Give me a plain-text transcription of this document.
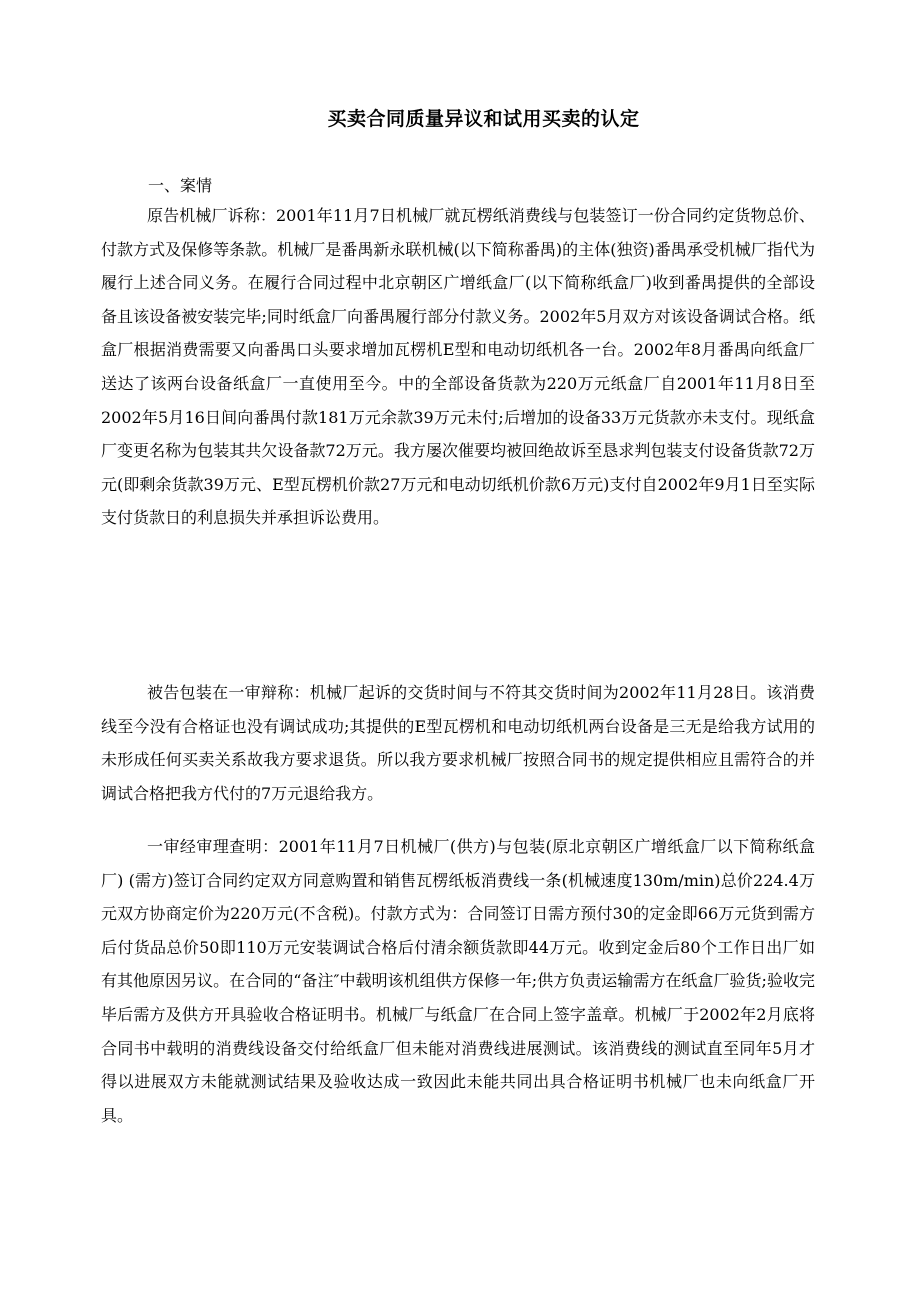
买卖合同质量异议和试用买卖的认定

一、案情

原告机械厂诉称：2001年11月7日机械厂就瓦楞纸消费线与包装签订一份合同约定货物总价、付款方式及保修等条款。机械厂是番禺新永联机械(以下简称番禺)的主体(独资)番禺承受机械厂指代为履行上述合同义务。在履行合同过程中北京朝区广增纸盒厂(以下简称纸盒厂)收到番禺提供的全部设备且该设备被安装完毕;同时纸盒厂向番禺履行部分付款义务。2002年5月双方对该设备调试合格。纸盒厂根据消费需要又向番禺口头要求增加瓦楞机E型和电动切纸机各一台。2002年8月番禺向纸盒厂送达了该两台设备纸盒厂一直使用至今。中的全部设备货款为220万元纸盒厂自2001年11月8日至2002年5月16日间向番禺付款181万元余款39万元未付;后增加的设备33万元货款亦未支付。现纸盒厂变更名称为包装其共欠设备款72万元。我方屡次催要均被回绝故诉至恳求判包装支付设备货款72万元(即剩余货款39万元、E型瓦楞机价款27万元和电动切纸机价款6万元)支付自2002年9月1日至实际支付货款日的利息损失并承担诉讼费用。

被告包装在一审辩称：机械厂起诉的交货时间与不符其交货时间为2002年11月28日。该消费线至今没有合格证也没有调试成功;其提供的E型瓦楞机和电动切纸机两台设备是三无是给我方试用的未形成任何买卖关系故我方要求退货。所以我方要求机械厂按照合同书的规定提供相应且需符合的并调试合格把我方代付的7万元退给我方。

一审经审理查明：2001年11月7日机械厂(供方)与包装(原北京朝区广增纸盒厂以下简称纸盒厂) (需方)签订合同约定双方同意购置和销售瓦楞纸板消费线一条(机械速度130m/min)总价224.4万元双方协商定价为220万元(不含税)。付款方式为：合同签订日需方预付30的定金即66万元货到需方后付货品总价50即110万元安装调试合格后付清余额货款即44万元。收到定金后80个工作日出厂如有其他原因另议。在合同的“备注″中载明该机组供方保修一年;供方负责运输需方在纸盒厂验货;验收完毕后需方及供方开具验收合格证明书。机械厂与纸盒厂在合同上签字盖章。机械厂于2002年2月底将合同书中载明的消费线设备交付给纸盒厂但未能对消费线进展测试。该消费线的测试直至同年5月才得以进展双方未能就测试结果及验收达成一致因此未能共同出具合格证明书机械厂也未向纸盒厂开具。
